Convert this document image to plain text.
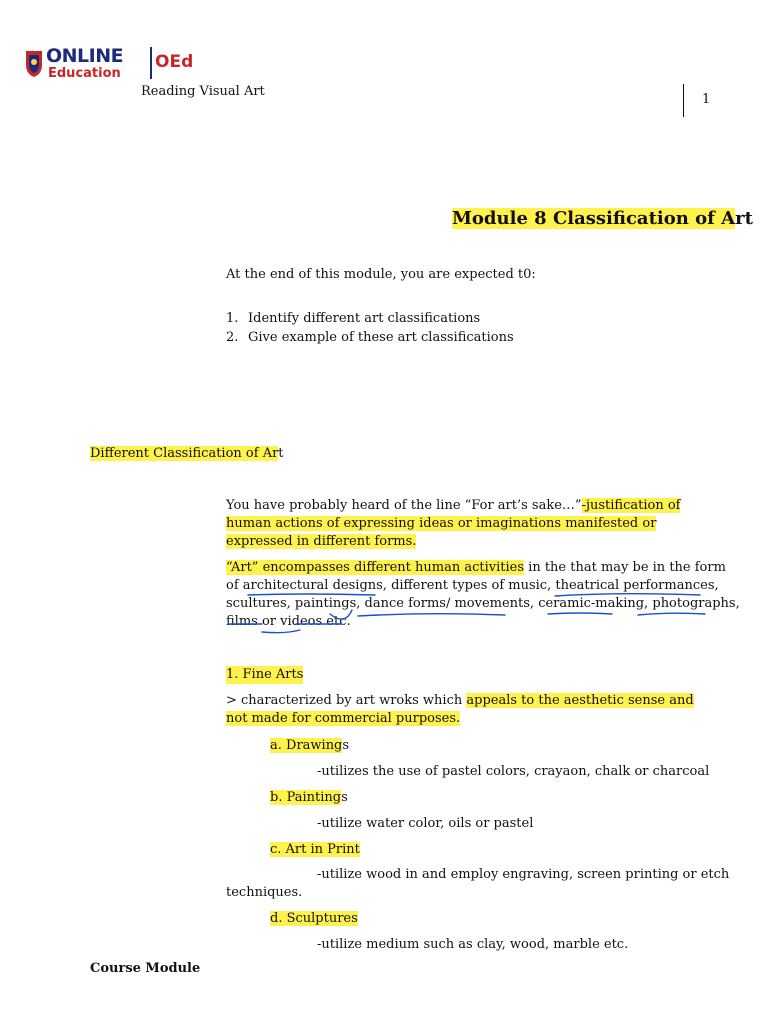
ONLINE
Education
OEd
Reading Visual Art
1
Module 8 Classification of Art
At the end of this module, you are expected t0:
1. Identify different art classifications
2. Give example of these art classifications
Different Classification of Art
You have probably heard of the line “For art’s sake…”-justification of human actions of expressing ideas or imaginations manifested or expressed in different forms.
“Art” encompasses different human activities in the that may be in the form
of architectural designs, different types of music, theatrical performances,
scultures, paintings, dance forms/ movements, ceramic-making, photographs,
films or videos etc.
1. Fine Arts
> characterized by art wroks which appeals to the aesthetic sense and not made for commercial purposes.
a. Drawings
-utilizes the use of pastel colors, crayaon, chalk or charcoal
b. Paintings
-utilize water color, oils or pastel
c. Art in Print
-utilize wood in and employ engraving, screen printing or etch
techniques.
d. Sculptures
-utilize medium such as clay, wood, marble etc.
Course Module
